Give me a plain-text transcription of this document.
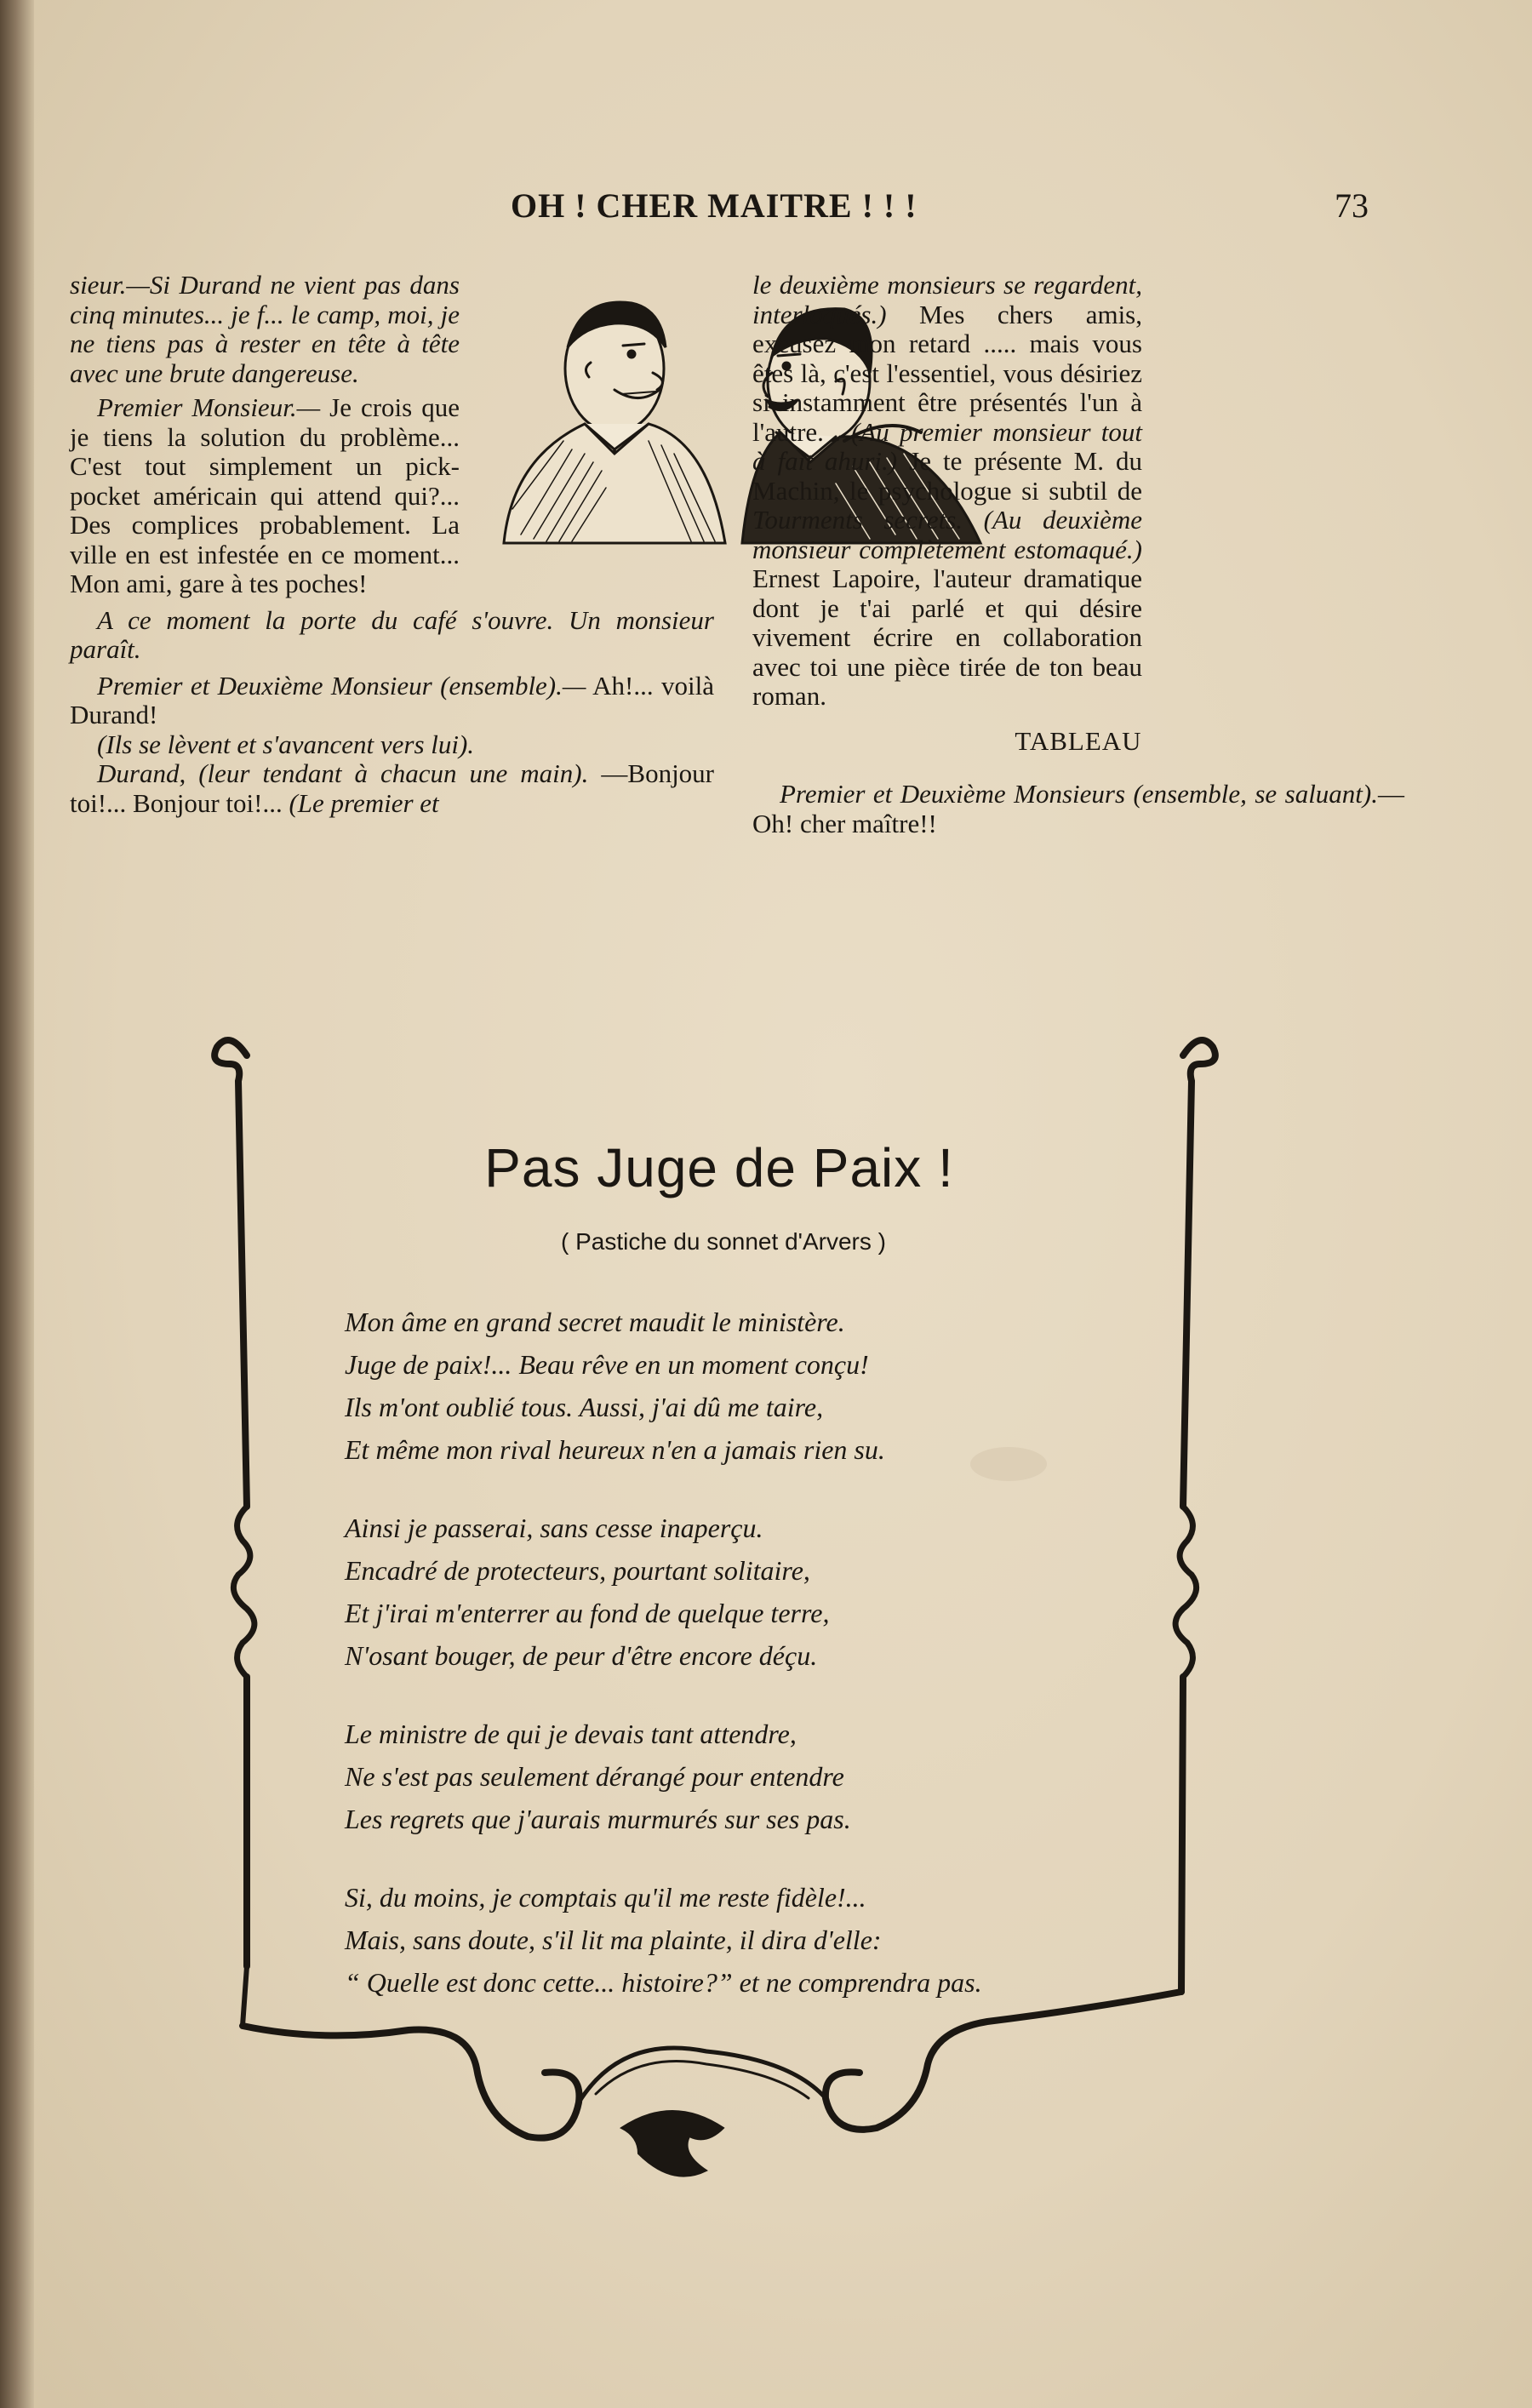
OH ! CHER MAITRE ! ! !	73

sieur.—Si Durand ne vient pas dans cinq minutes... je f... le camp, moi, je ne tiens pas à rester en tête à tête avec une brute dangereuse.

Premier Monsieur.— Je crois que je tiens la solution du problème... C'est tout simplement un pick-pocket américain qui attend qui?... Des complices probablement. La ville en est infestée en ce moment... Mon ami, gare à tes poches!

A ce moment la porte du café s'ouvre. Un monsieur paraît.

Premier et Deuxième Monsieur (ensemble).— Ah!... voilà Durand!

(Ils se lèvent et s'avancent vers lui).

Durand, (leur tendant à chacun une main). —Bonjour toi!... Bonjour toi!... (Le premier et

le deuxième monsieurs se regardent, interloqués.) Mes chers amis, excusez mon retard ..... mais vous êtes là, c'est l'essentiel, vous désiriez si instamment être présentés l'un à l'autre. . (Au premier monsieur tout à fait ahuri.) Je te présente M. du Machin, le psychologue si subtil de Tourments secrets. (Au deuxième monsieur complètement estomaqué.) Ernest Lapoire, l'auteur dramatique dont je t'ai parlé et qui désire vivement écrire en collaboration avec toi une pièce tirée de ton beau roman.

TABLEAU

Premier et Deuxième Monsieurs (ensemble, se saluant).—Oh! cher maître!!

Pas Juge de Paix !
( Pastiche du sonnet d'Arvers )
Mon âme en grand secret maudit le ministère.
Juge de paix!... Beau rêve en un moment conçu!
Ils m'ont oublié tous. Aussi, j'ai dû me taire,
Et même mon rival heureux n'en a jamais rien su.
Ainsi je passerai, sans cesse inaperçu.
Encadré de protecteurs, pourtant solitaire,
Et j'irai m'enterrer au fond de quelque terre,
N'osant bouger, de peur d'être encore déçu.
Le ministre de qui je devais tant attendre,
Ne s'est pas seulement dérangé pour entendre
Les regrets que j'aurais murmurés sur ses pas.
Si, du moins, je comptais qu'il me reste fidèle!...
Mais, sans doute, s'il lit ma plainte, il dira d'elle:
“ Quelle est donc cette... histoire?” et ne comprendra pas.
